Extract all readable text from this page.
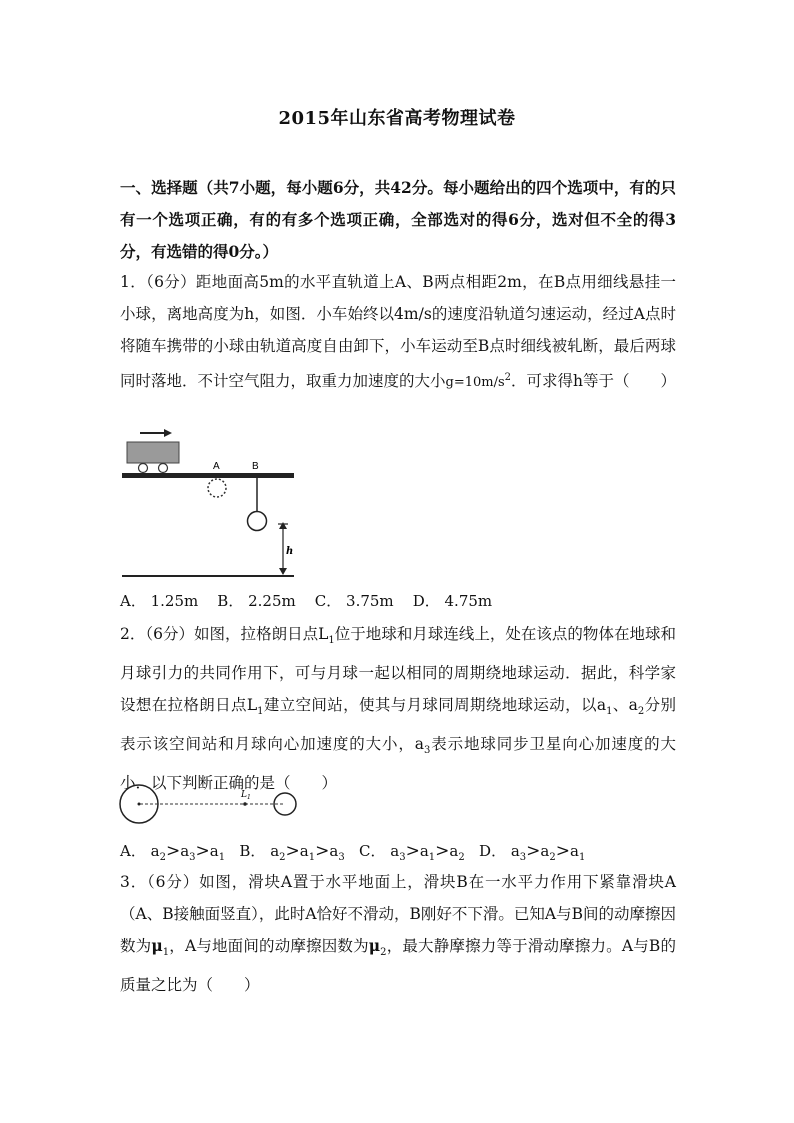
2015年山东省高考物理试卷
一、选择题（共7小题，每小题6分，共42分。每小题给出的四个选项中，有的只有一个选项正确，有的有多个选项正确，全部选对的得6分，选对但不全的得3分，有选错的得0分。）
1．（6分）距地面高5m的水平直轨道上A、B两点相距2m，在B点用细线悬挂一小球，离地高度为h，如图．小车始终以4m/s的速度沿轨道匀速运动，经过A点时将随车携带的小球由轨道高度自由卸下，小车运动至B点时细线被轧断，最后两球同时落地．不计空气阻力，取重力加速度的大小$g=10m/s^2$．可求得h等于（　　）
A	B
h
A． 1.25m    B． 2.25m    C． 3.75m    D． 4.75m
2．（6分）如图，拉格朗日点$L_1$位于地球和月球连线上，处在该点的物体在地球和月球引力的共同作用下，可与月球一起以相同的周期绕地球运动．据此，科学家设想在拉格朗日点$L_1$建立空间站，使其与月球同周期绕地球运动，以$a_1$、$a_2$分别表示该空间站和月球向心加速度的大小，$a_3$表示地球同步卫星向心加速度的大小．以下判断正确的是（　　）
$L_1$
A． $a_2>a_3>a_1$ B． $a_2>a_1>a_3$ C． $a_3>a_1>a_2$ D． $a_3>a_2>a_1$
3．（6分）如图，滑块A置于水平地面上，滑块B在一水平力作用下紧靠滑块A（A、B接触面竖直），此时A恰好不滑动，B刚好不下滑。已知A与B间的动摩擦因数为$\mu_1$，A与地面间的动摩擦因数为$\mu_2$，最大静摩擦力等于滑动摩擦力。A与B的质量之比为（　　）
